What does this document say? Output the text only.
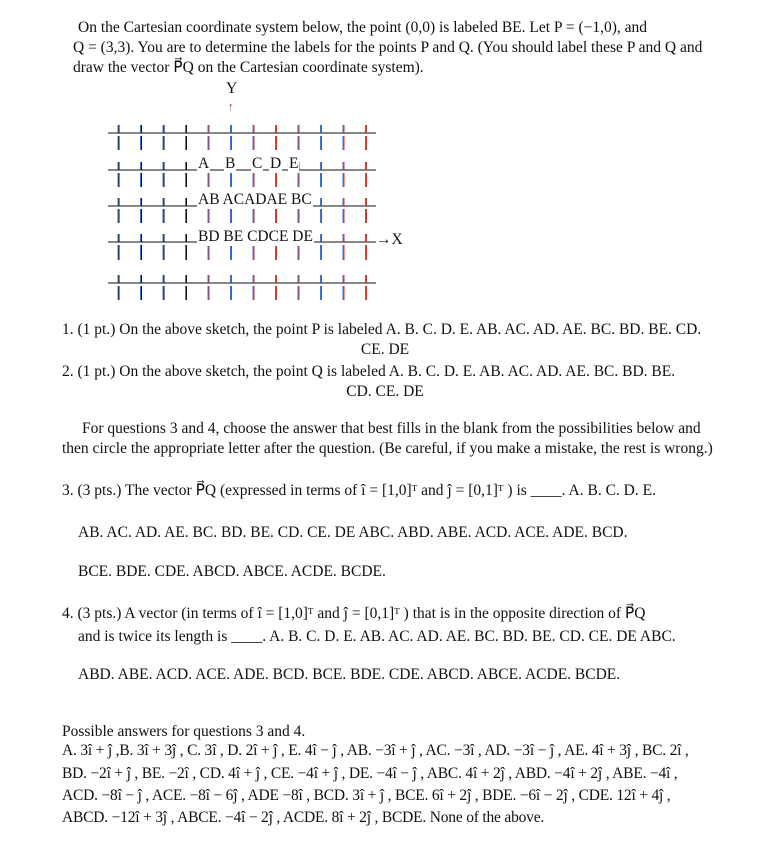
On the Cartesian coordinate system below, the point (0,0) is labeled BE. Let P = (−1,0), and
Q = (3,3). You are to determine the labels for the points P and Q. (You should label these P and Q and
draw the vector P⃗Q on the Cartesian coordinate system).
Y
↑
→X
A B C D E
AB ACADAE BC
BD BE CDCE DE
1. (1 pt.) On the above sketch, the point P is labeled A. B. C. D. E. AB. AC. AD. AE. BC. BD. BE. CD.
CE. DE
2. (1 pt.) On the above sketch, the point Q is labeled A. B. C. D. E. AB. AC. AD. AE. BC. BD. BE.
CD. CE. DE
For questions 3 and 4, choose the answer that best fills in the blank from the possibilities below and
then circle the appropriate letter after the question. (Be careful, if you make a mistake, the rest is wrong.)
3. (3 pts.) The vector P⃗Q (expressed in terms of î = [1,0]ᵀ and ĵ = [0,1]ᵀ ) is ____. A. B. C. D. E.
AB. AC. AD. AE. BC. BD. BE. CD. CE. DE ABC. ABD. ABE. ACD. ACE. ADE. BCD.
BCE. BDE. CDE. ABCD. ABCE. ACDE. BCDE.
4. (3 pts.) A vector (in terms of î = [1,0]ᵀ and ĵ = [0,1]ᵀ ) that is in the opposite direction of P⃗Q
and is twice its length is ____. A. B. C. D. E. AB. AC. AD. AE. BC. BD. BE. CD. CE. DE ABC.
ABD. ABE. ACD. ACE. ADE. BCD. BCE. BDE. CDE. ABCD. ABCE. ACDE. BCDE.
Possible answers for questions 3 and 4.
A. 3î + ĵ ,B. 3î + 3ĵ , C. 3î , D. 2î + ĵ , E. 4î − ĵ , AB. −3î + ĵ , AC. −3î , AD. −3î − ĵ , AE. 4î + 3ĵ , BC. 2î ,
BD. −2î + ĵ , BE. −2î , CD. 4î + ĵ , CE. −4î + ĵ , DE. −4î − ĵ , ABC. 4î + 2ĵ , ABD. −4î + 2ĵ , ABE. −4î ,
ACD. −8î − ĵ , ACE. −8î − 6ĵ , ADE −8î , BCD. 3î + ĵ , BCE. 6î + 2ĵ , BDE. −6î − 2ĵ , CDE. 12î + 4ĵ ,
ABCD. −12î + 3ĵ , ABCE. −4î − 2ĵ , ACDE. 8î + 2ĵ , BCDE. None of the above.
